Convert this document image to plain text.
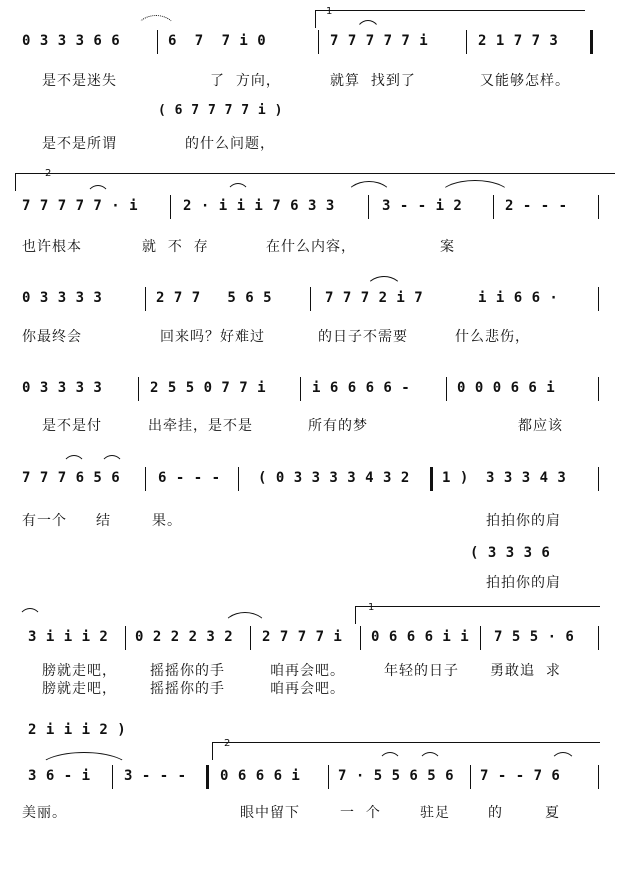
0 3 3 3 6 6	6  7  7 i 0
1
7 7 7 7 7 i	2 1 7 7 3
是不是迷失	了  方向，	就算  找到了	又能够怎样。
( 6 7 7 7 7 i )
是不是所谓	的什么问题，
2
7 7 7 7 7 · i	2 · i i i 7 6 3 3	3 - - i 2	2 - - -
也许根本	就  不  存	在什么内容，	案
0 3 3 3 3	2 7 7   5 6 5	7 7 7 2 i 7	i i 6 6 ·
你最终会	回来吗？好难过	的日子不需要	什么悲伤，
0 3 3 3 3	2 5 5 0 7 7 i	i 6 6 6 6 -	0 0 0 6 6 i
是不是付	出牵挂，是不是	所有的梦	都应该
7 7 7 6 5 6	6 - - -	( 0 3 3 3 3 4 3 2 1 ) 3 3 3 4 3
有一个 结	果。	拍拍你的肩
( 3 3 3 6
拍拍你的肩
1
3 i i i 2 0 2 2 2 3 2 2 7 7 7 i 0 6 6 6 i i 7 5 5 · 6
膀就走吧， 摇摇你的手	咱再会吧。	年轻的日子 勇敢追  求
膀就走吧， 摇摇你的手	咱再会吧。
2 i i i 2 )
2
3 6 - i 3 - - - 0 6 6 6 i	7 · 5 5 6 5 6 7 - - 7 6
美丽。	眼中留下	一  个	驻足	的	夏
